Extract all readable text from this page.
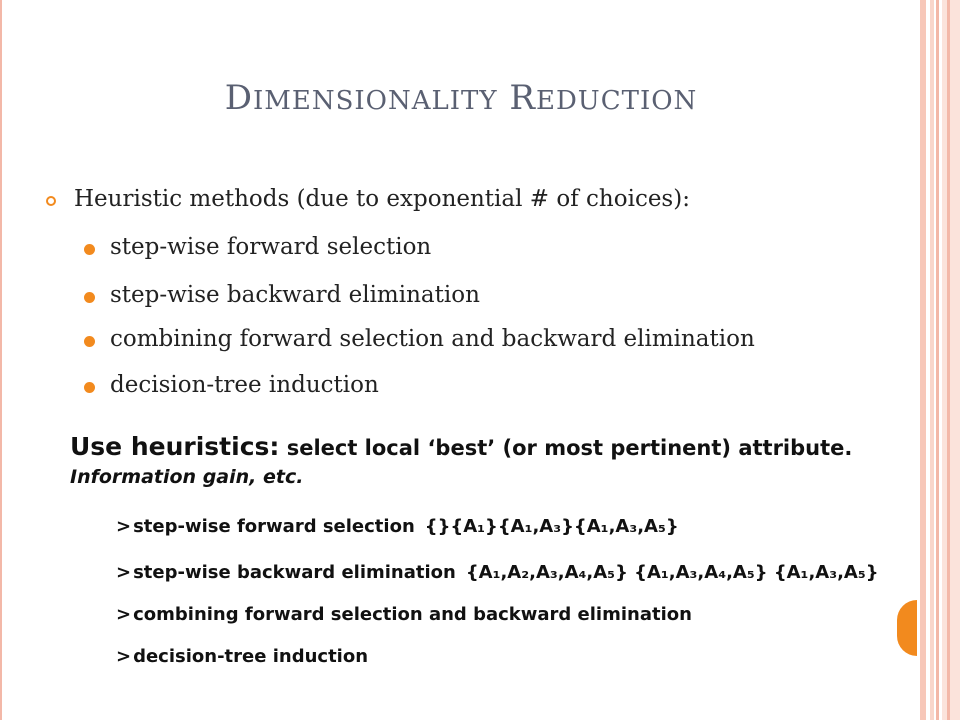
DIMENSIONALITY REDUCTION
Heuristic methods (due to exponential # of choices):
step-wise forward selection
step-wise backward elimination
combining forward selection and backward elimination
decision-tree induction
Use heuristics: select local ‘best’ (or most pertinent) attribute.
Information gain, etc.
> step-wise forward selection {}{A₁}{A₁,A₃}{A₁,A₃,A₅}
> step-wise backward elimination {A₁,A₂,A₃,A₄,A₅} {A₁,A₃,A₄,A₅} {A₁,A₃,A₅}
> combining forward selection and backward elimination
> decision-tree induction
